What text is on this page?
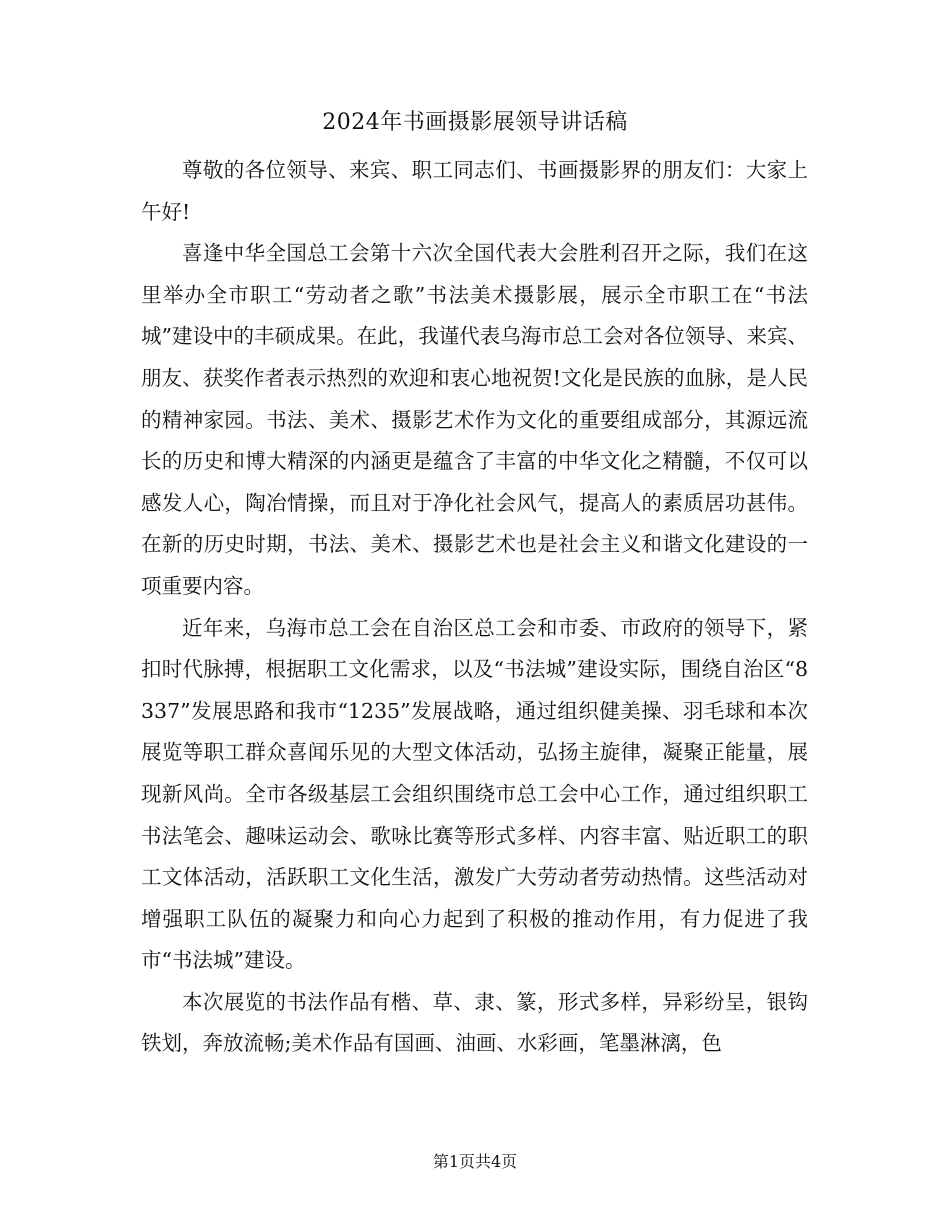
2024年书画摄影展领导讲话稿

尊敬的各位领导、来宾、职工同志们、书画摄影界的朋友们：大家上午好!

喜逢中华全国总工会第十六次全国代表大会胜利召开之际，我们在这里举办全市职工“劳动者之歌”书法美术摄影展，展示全市职工在“书法城”建设中的丰硕成果。在此，我谨代表乌海市总工会对各位领导、来宾、朋友、获奖作者表示热烈的欢迎和衷心地祝贺!文化是民族的血脉，是人民的精神家园。书法、美术、摄影艺术作为文化的重要组成部分，其源远流长的历史和博大精深的内涵更是蕴含了丰富的中华文化之精髓，不仅可以感发人心，陶冶情操，而且对于净化社会风气，提高人的素质居功甚伟。在新的历史时期，书法、美术、摄影艺术也是社会主义和谐文化建设的一项重要内容。

近年来，乌海市总工会在自治区总工会和市委、市政府的领导下，紧扣时代脉搏，根据职工文化需求，以及“书法城”建设实际，围绕自治区“8337”发展思路和我市“1235”发展战略，通过组织健美操、羽毛球和本次展览等职工群众喜闻乐见的大型文体活动，弘扬主旋律，凝聚正能量，展现新风尚。全市各级基层工会组织围绕市总工会中心工作，通过组织职工书法笔会、趣味运动会、歌咏比赛等形式多样、内容丰富、贴近职工的职工文体活动，活跃职工文化生活，激发广大劳动者劳动热情。这些活动对增强职工队伍的凝聚力和向心力起到了积极的推动作用，有力促进了我市“书法城”建设。

本次展览的书法作品有楷、草、隶、篆，形式多样，异彩纷呈，银钩铁划，奔放流畅;美术作品有国画、油画、水彩画，笔墨淋漓，色

第1页共4页
